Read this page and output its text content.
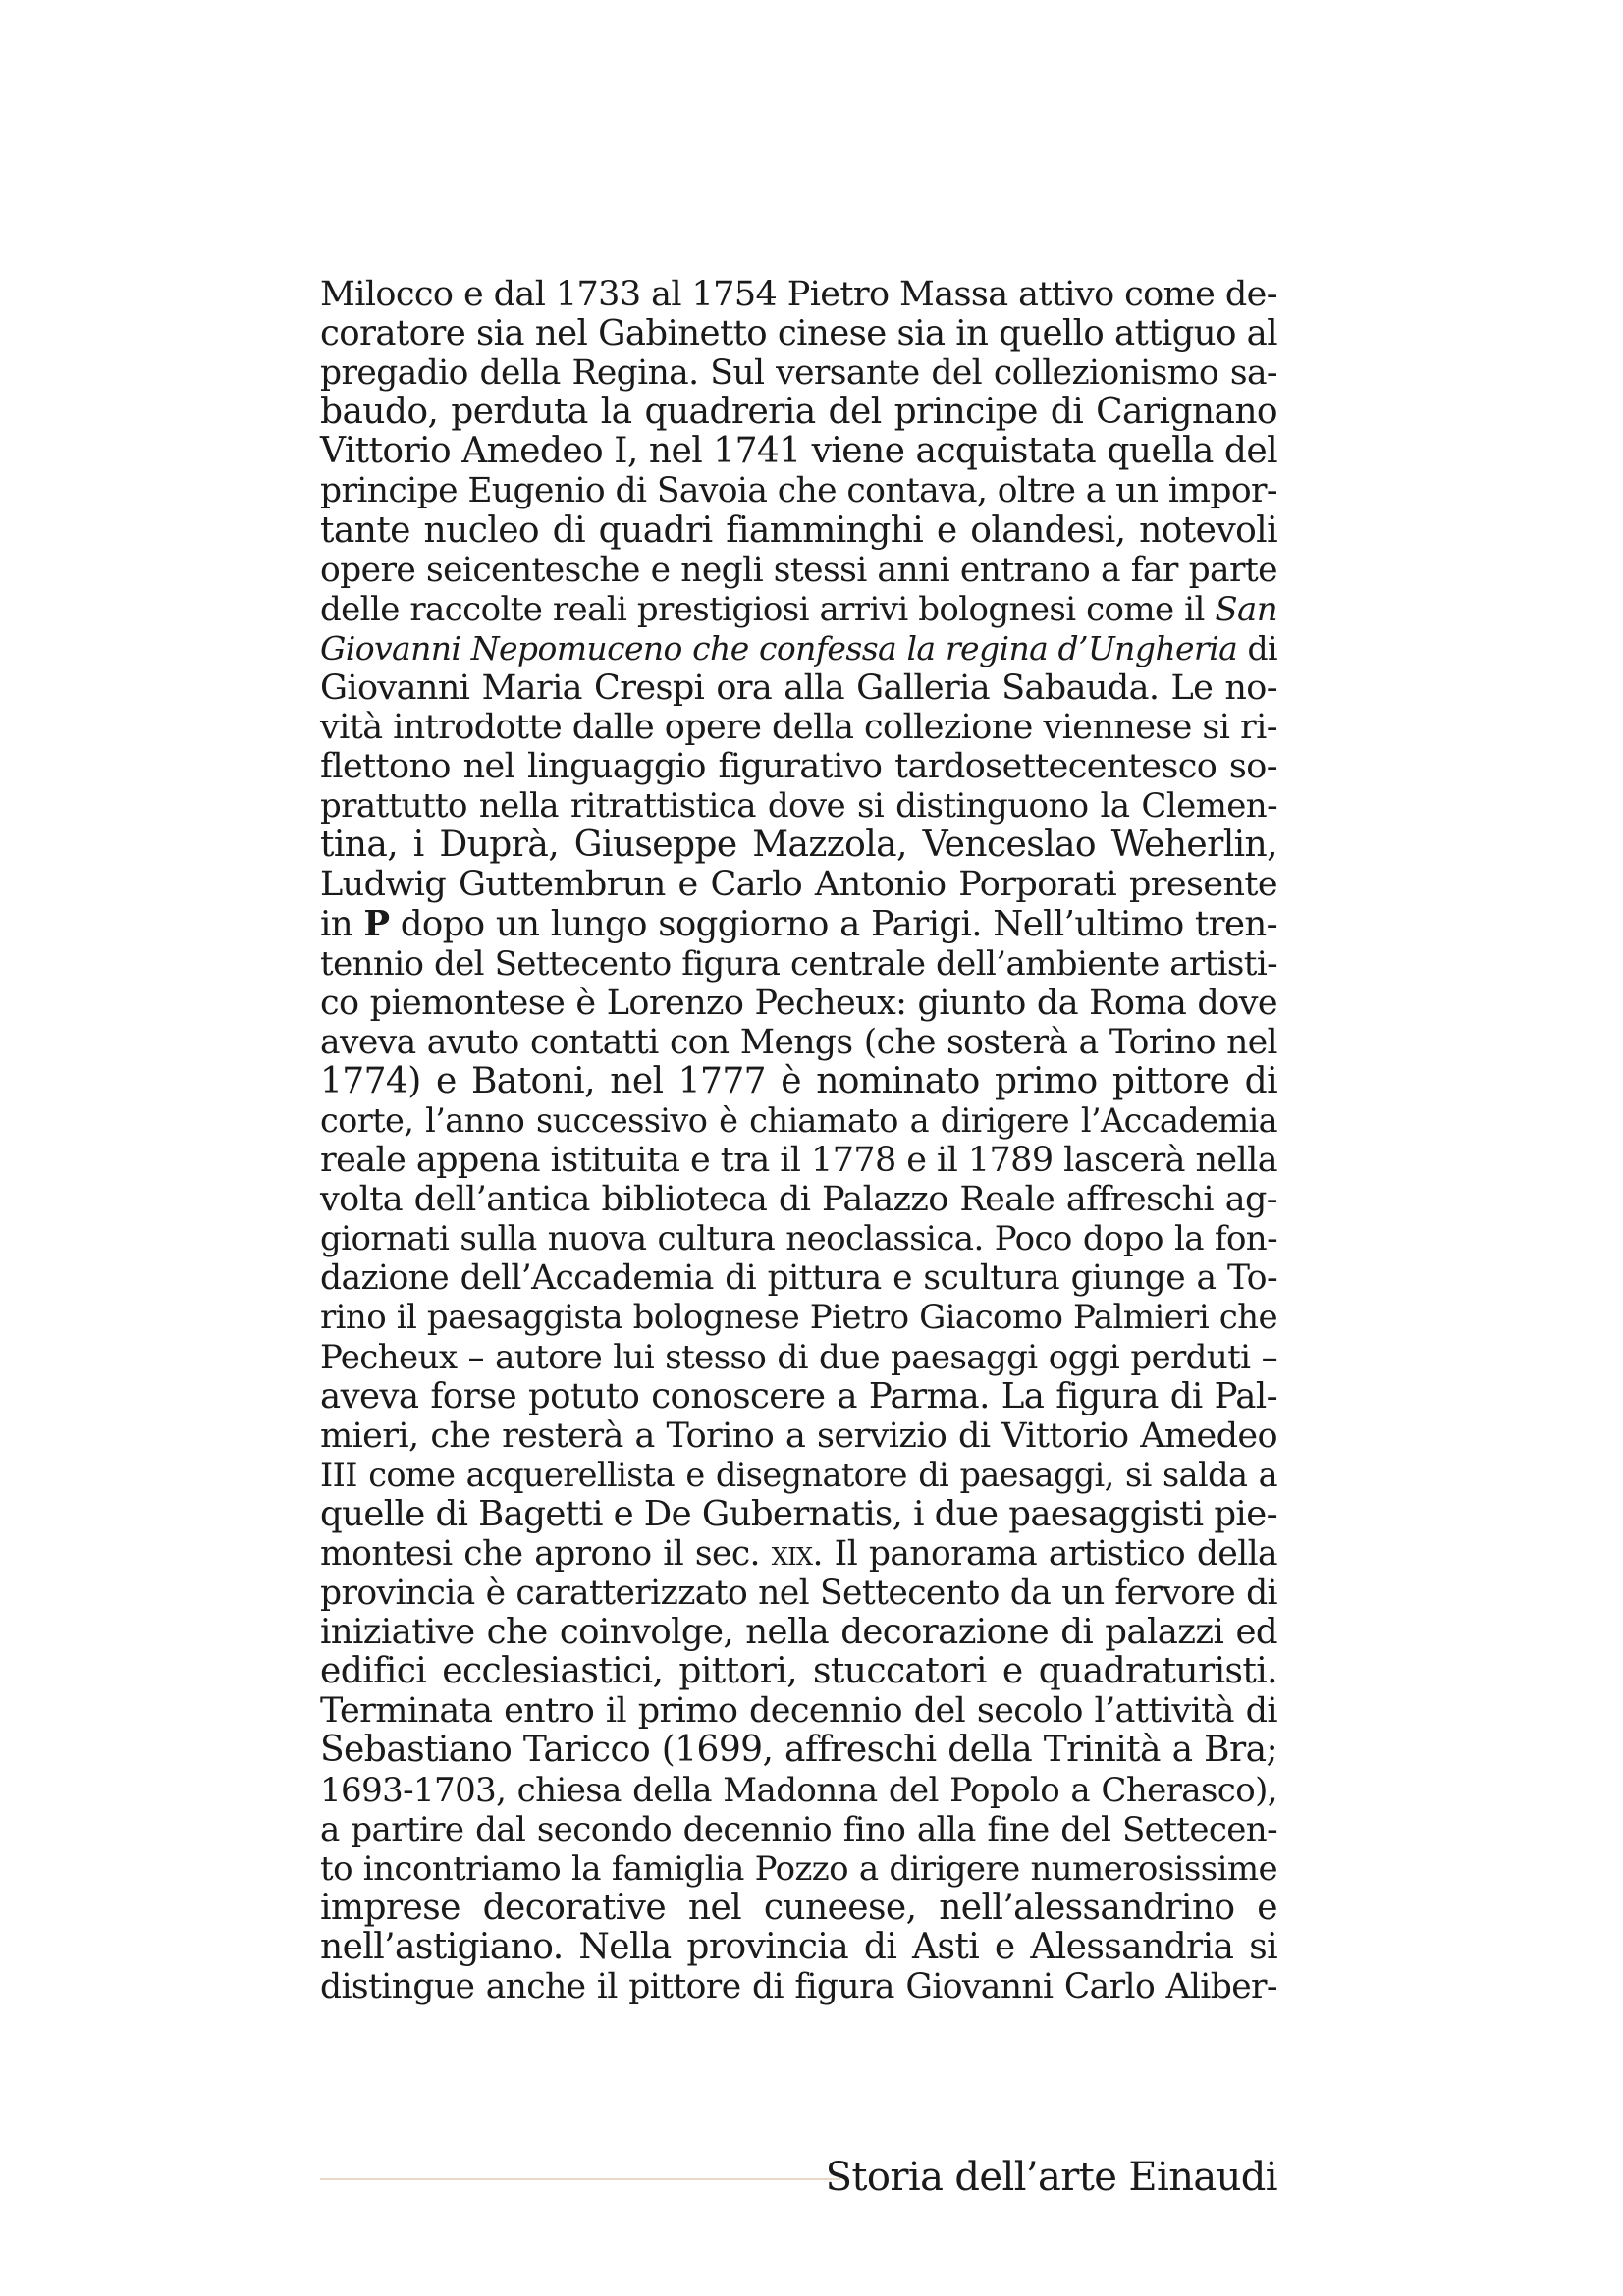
Milocco e dal 1733 al 1754 Pietro Massa attivo come de-
coratore sia nel Gabinetto cinese sia in quello attiguo al
pregadio della Regina. Sul versante del collezionismo sa-
baudo, perduta la quadreria del principe di Carignano
Vittorio Amedeo I, nel 1741 viene acquistata quella del
principe Eugenio di Savoia che contava, oltre a un impor-
tante nucleo di quadri fiamminghi e olandesi, notevoli
opere seicentesche e negli stessi anni entrano a far parte
delle raccolte reali prestigiosi arrivi bolognesi come il San
Giovanni Nepomuceno che confessa la regina d’Ungheria di
Giovanni Maria Crespi ora alla Galleria Sabauda. Le no-
vità introdotte dalle opere della collezione viennese si ri-
flettono nel linguaggio figurativo tardosettecentesco so-
prattutto nella ritrattistica dove si distinguono la Clemen-
tina, i Duprà, Giuseppe Mazzola, Venceslao Weherlin,
Ludwig Guttembrun e Carlo Antonio Porporati presente
in P dopo un lungo soggiorno a Parigi. Nell’ultimo tren-
tennio del Settecento figura centrale dell’ambiente artisti-
co piemontese è Lorenzo Pecheux: giunto da Roma dove
aveva avuto contatti con Mengs (che sosterà a Torino nel
1774) e Batoni, nel 1777 è nominato primo pittore di
corte, l’anno successivo è chiamato a dirigere l’Accademia
reale appena istituita e tra il 1778 e il 1789 lascerà nella
volta dell’antica biblioteca di Palazzo Reale affreschi ag-
giornati sulla nuova cultura neoclassica. Poco dopo la fon-
dazione dell’Accademia di pittura e scultura giunge a To-
rino il paesaggista bolognese Pietro Giacomo Palmieri che
Pecheux – autore lui stesso di due paesaggi oggi perduti –
aveva forse potuto conoscere a Parma. La figura di Pal-
mieri, che resterà a Torino a servizio di Vittorio Amedeo
III come acquerellista e disegnatore di paesaggi, si salda a
quelle di Bagetti e De Gubernatis, i due paesaggisti pie-
montesi che aprono il sec. xix. Il panorama artistico della
provincia è caratterizzato nel Settecento da un fervore di
iniziative che coinvolge, nella decorazione di palazzi ed
edifici ecclesiastici, pittori, stuccatori e quadraturisti.
Terminata entro il primo decennio del secolo l’attività di
Sebastiano Taricco (1699, affreschi della Trinità a Bra;
1693-1703, chiesa della Madonna del Popolo a Cherasco),
a partire dal secondo decennio fino alla fine del Settecen-
to incontriamo la famiglia Pozzo a dirigere numerosissime
imprese decorative nel cuneese, nell’alessandrino e
nell’astigiano. Nella provincia di Asti e Alessandria si
distingue anche il pittore di figura Giovanni Carlo Aliber-
Storia dell’arte Einaudi
